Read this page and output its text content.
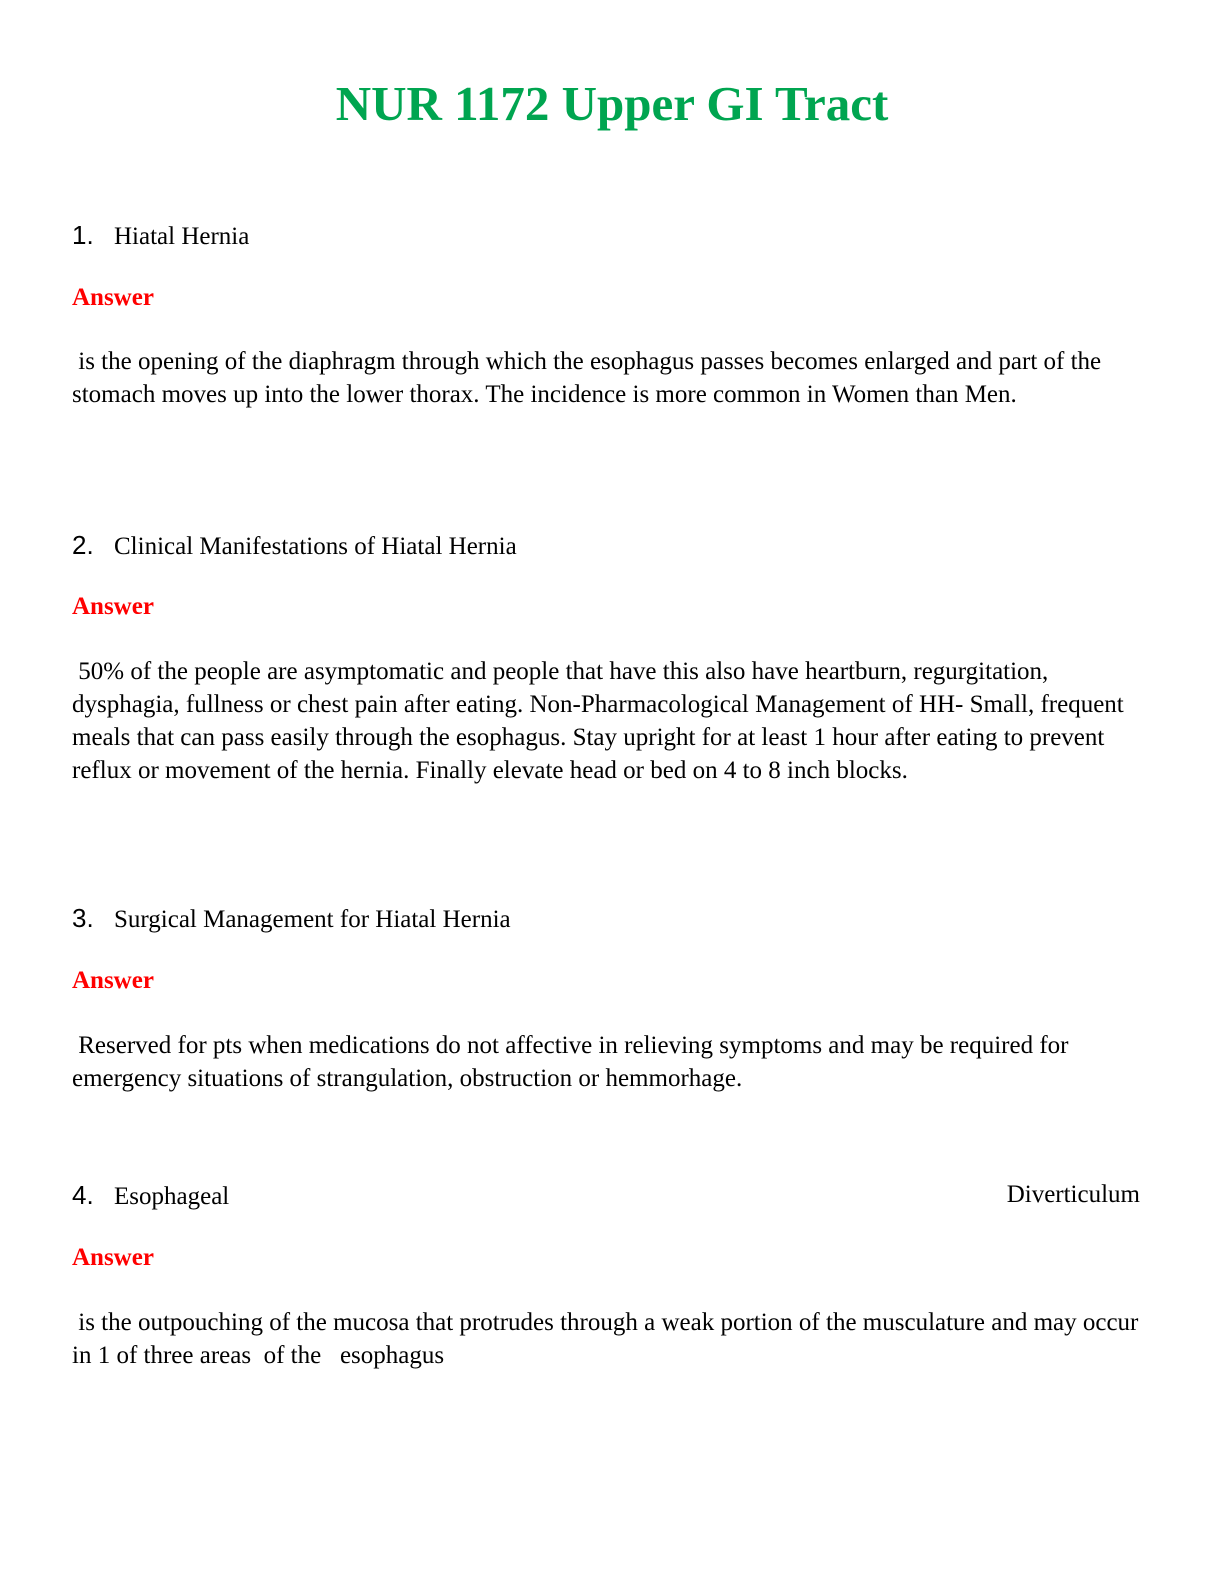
NUR 1172 Upper GI Tract
1. Hiatal Hernia
Answer

is the opening of the diaphragm through which the esophagus passes becomes enlarged and part of the stomach moves up into the lower thorax. The incidence is more common in Women than Men.

2. Clinical Manifestations of Hiatal Hernia
Answer

50% of the people are asymptomatic and people that have this also have heartburn, regurgitation, dysphagia, fullness or chest pain after eating. Non-Pharmacological Management of HH- Small, frequent meals that can pass easily through the esophagus. Stay upright for at least 1 hour after eating to prevent reflux or movement of the hernia. Finally elevate head or bed on 4 to 8 inch blocks.

3. Surgical Management for Hiatal Hernia
Answer

Reserved for pts when medications do not affective in relieving symptoms and may be required for emergency situations of strangulation, obstruction or hemmorhage.

4. Esophageal	Diverticulum
Answer

is the outpouching of the mucosa that protrudes through a weak portion of the musculature and may occur in 1 of three areas  of the   esophagus
